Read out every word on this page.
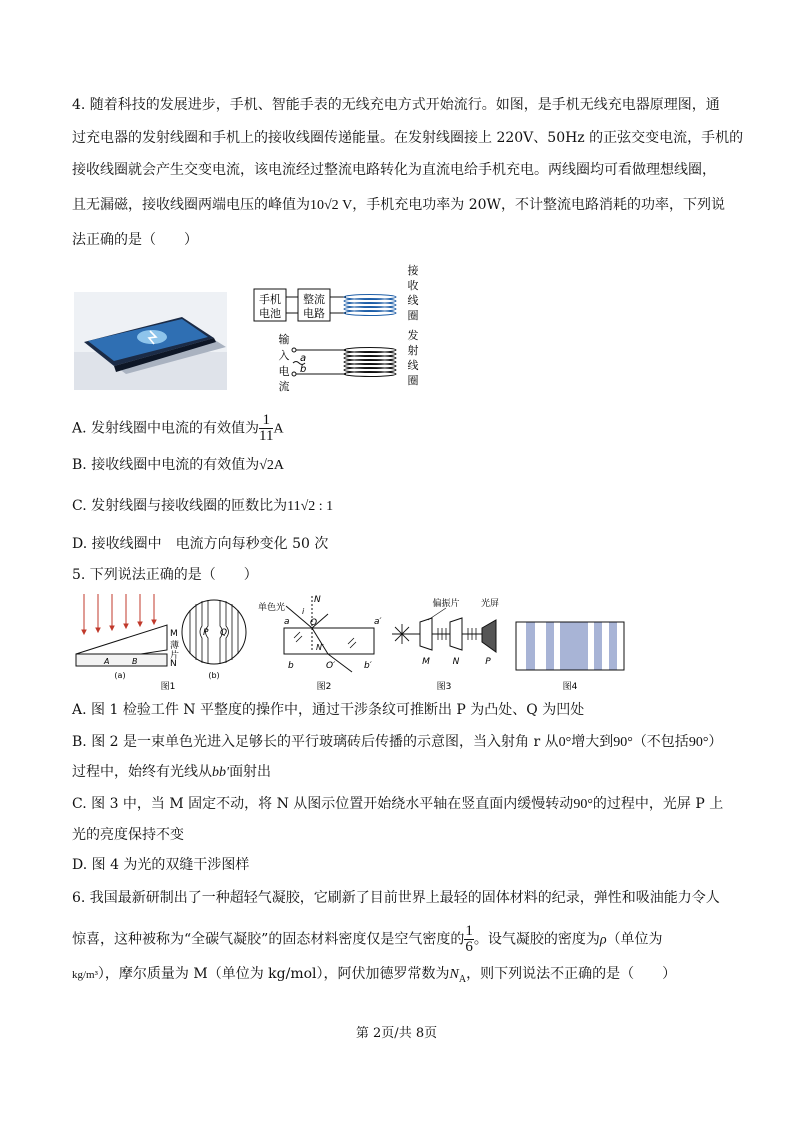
4. 随着科技的发展进步，手机、智能手表的无线充电方式开始流行。如图，是手机无线充电器原理图，通
过充电器的发射线圈和手机上的接收线圈传递能量。在发射线圈接上 220V、50Hz 的正弦交变电流，手机的
接收线圈就会产生交变电流，该电流经过整流电路转化为直流电给手机充电。两线圈均可看做理想线圈，
且无漏磁，接收线圈两端电压的峰值为10√2 V，手机充电功率为 20W，不计整流电路消耗的功率，下列说
法正确的是（　　）
手机
电池
整流
电路
接
收
线
圈
输
入
电
流
a
b
发
射
线
圈
A. 发射线圈中电流的有效值为 $\frac{1}{11}$ A
B. 接收线圈中电流的有效值为√2A
C. 发射线圈与接收线圈的匝数比为11√2 : 1
D. 接收线圈中　电流方向每秒变化 50 次
5. 下列说法正确的是（　　）
M
薄
片
N
A	B
(a)
P Q
(b)
图1
单色光
N
i
O
a	a′
N′
b	O′	b′
图2
偏振片 光屏
M	N	P
图3	图4
A. 图 1 检验工件 N 平整度的操作中，通过干涉条纹可推断出 P 为凸处、Q 为凹处
B. 图 2 是一束单色光进入足够长的平行玻璃砖后传播的示意图，当入射角 r 从0°增大到90°（不包括90°）
过程中，始终有光线从bb′面射出
C. 图 3 中，当 M 固定不动，将 N 从图示位置开始绕水平轴在竖直面内缓慢转动90°的过程中，光屏 P 上
光的亮度保持不变
D. 图 4 为光的双缝干涉图样
6. 我国最新研制出了一种超轻气凝胶，它刷新了目前世界上最轻的固体材料的纪录，弹性和吸油能力令人
惊喜，这种被称为“全碳气凝胶”的固态材料密度仅是空气密度的 $\frac{1}{6}$ 。设气凝胶的密度为ρ（单位为
kg/m³），摩尔质量为 M（单位为 kg/mol），阿伏加德罗常数为$N_A$，则下列说法不正确的是（　　）
第 2页/共 8页
